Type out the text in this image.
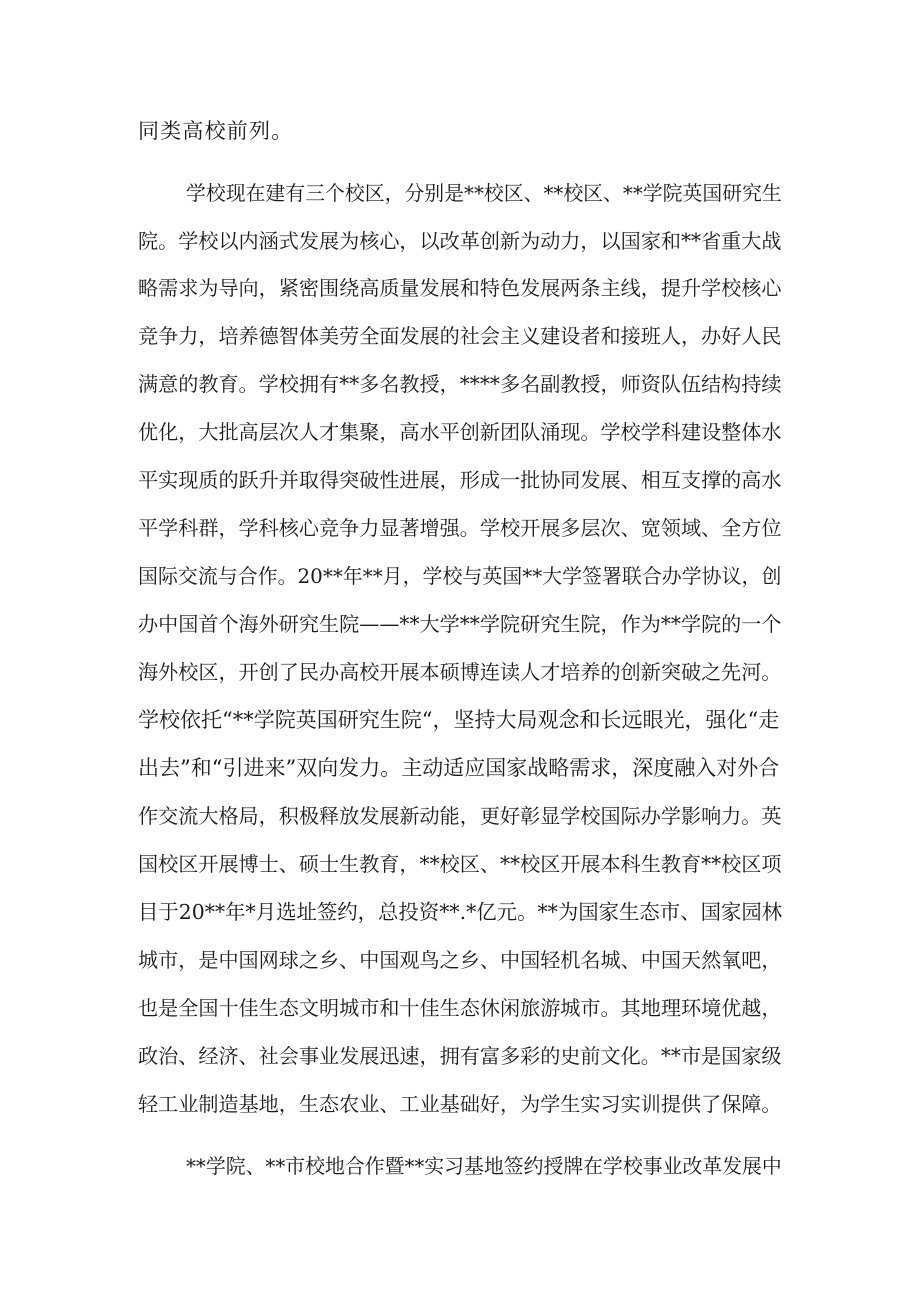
同类高校前列。
学校现在建有三个校区，分别是**校区、**校区、**学院英国研究生
院。学校以内涵式发展为核心，以改革创新为动力，以国家和**省重大战
略需求为导向，紧密围绕高质量发展和特色发展两条主线，提升学校核心
竞争力，培养德智体美劳全面发展的社会主义建设者和接班人，办好人民
满意的教育。学校拥有**多名教授，****多名副教授，师资队伍结构持续
优化，大批高层次人才集聚，高水平创新团队涌现。学校学科建设整体水
平实现质的跃升并取得突破性进展，形成一批协同发展、相互支撑的高水
平学科群，学科核心竞争力显著增强。学校开展多层次、宽领域、全方位
国际交流与合作。20**年**月，学校与英国**大学签署联合办学协议，创
办中国首个海外研究生院——**大学**学院研究生院，作为**学院的一个
海外校区，开创了民办高校开展本硕博连读人才培养的创新突破之先河。
学校依托“**学院英国研究生院“，坚持大局观念和长远眼光，强化“走
出去”和“引进来”双向发力。主动适应国家战略需求，深度融入对外合
作交流大格局，积极释放发展新动能，更好彰显学校国际办学影响力。英
国校区开展博士、硕士生教育，**校区、**校区开展本科生教育**校区项
目于20**年*月选址签约，总投资**.*亿元。**为国家生态市、国家园林
城市，是中国网球之乡、中国观鸟之乡、中国轻机名城、中国天然氧吧，
也是全国十佳生态文明城市和十佳生态休闲旅游城市。其地理环境优越，
政治、经济、社会事业发展迅速，拥有富多彩的史前文化。**市是国家级
轻工业制造基地，生态农业、工业基础好，为学生实习实训提供了保障。
**学院、**市校地合作暨**实习基地签约授牌在学校事业改革发展中
